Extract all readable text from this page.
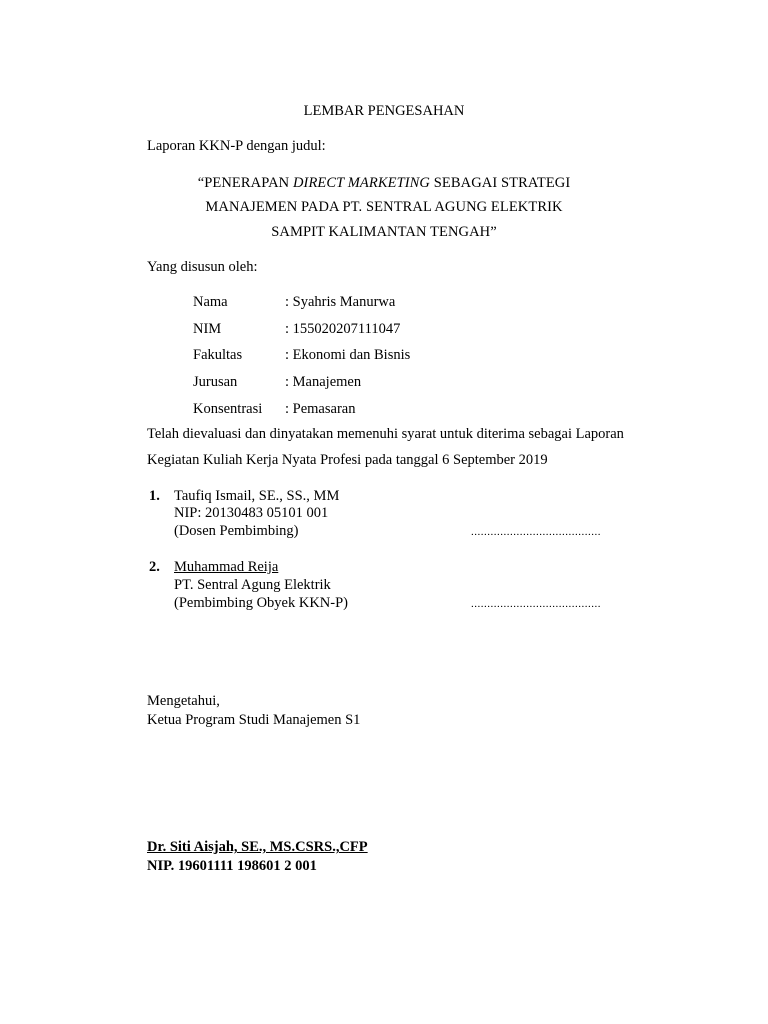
LEMBAR PENGESAHAN
Laporan KKN-P dengan judul:
“PENERAPAN DIRECT MARKETING SEBAGAI STRATEGI
MANAJEMEN PADA PT. SENTRAL AGUNG ELEKTRIK
SAMPIT KALIMANTAN TENGAH”
Yang disusun oleh:
Nama	: Syahris Manurwa
NIM	: 155020207111047
Fakultas	: Ekonomi dan Bisnis
Jurusan	: Manajemen
Konsentrasi : Pemasaran
Telah dievaluasi dan dinyatakan memenuhi syarat untuk diterima sebagai Laporan
Kegiatan Kuliah Kerja Nyata Profesi pada tanggal 6 September 2019
1. Taufiq Ismail, SE., SS., MM
NIP: 20130483 05101 001
(Dosen Pembimbing)	........................................
2. Muhammad Reija
PT. Sentral Agung Elektrik
(Pembimbing Obyek KKN-P)	........................................
Mengetahui,
Ketua Program Studi Manajemen S1
Dr. Siti Aisjah, SE., MS.CSRS.,CFP
NIP. 19601111 198601 2 001
